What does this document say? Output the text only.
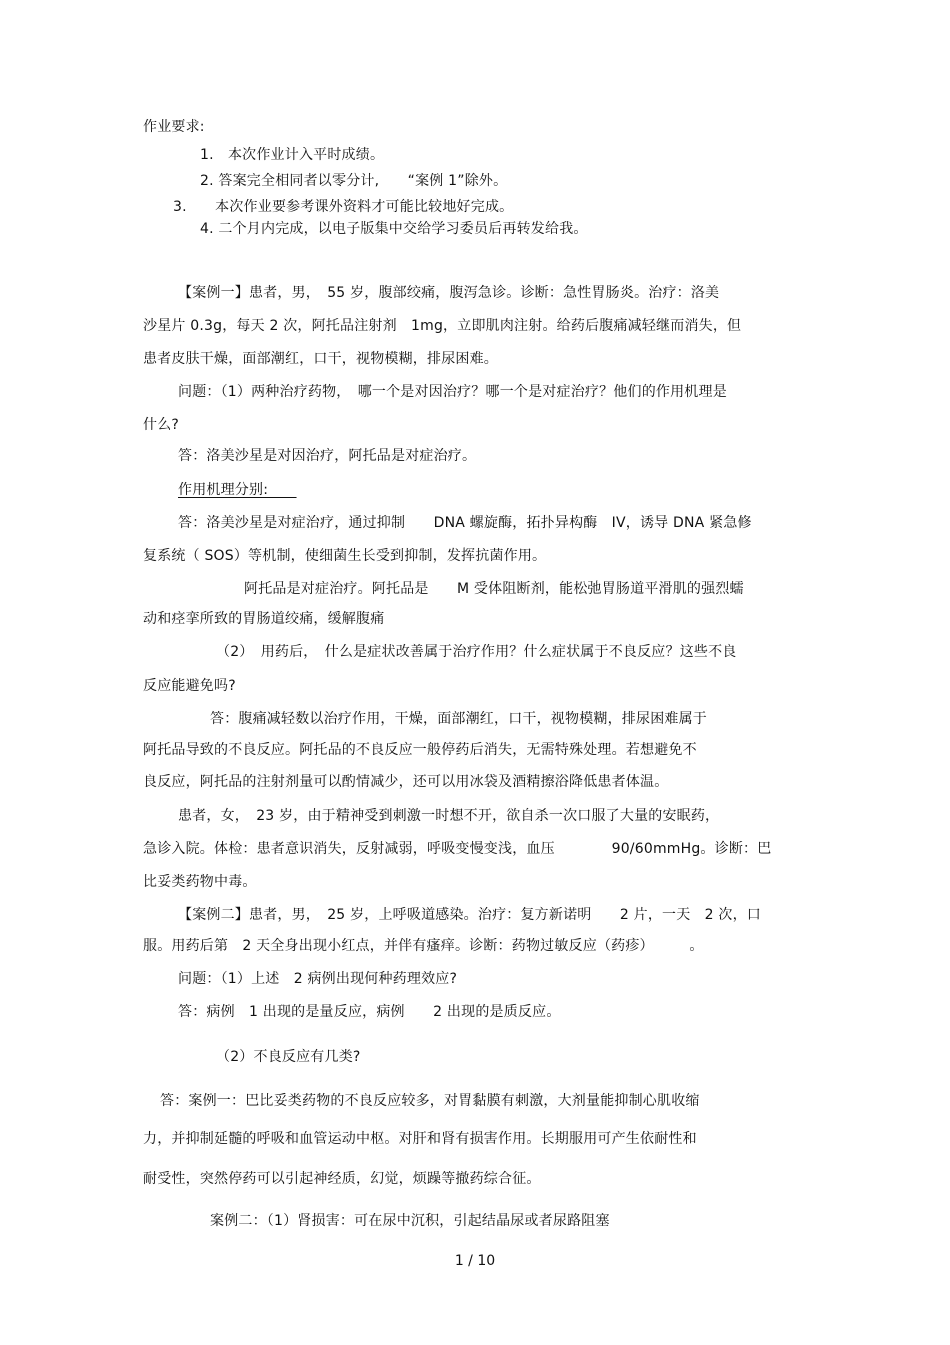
作业要求:
1.　本次作业计入平时成绩。
2. 答案完全相同者以零分计,　　“案例 1”除外。
3.　　本次作业要参考课外资料才可能比较地好完成。
4. 二个月内完成，以电子版集中交给学习委员后再转发给我。
【案例一】患者，男，　55 岁，腹部绞痛，腹泻急诊。诊断：急性胃肠炎。治疗：洛美
沙星片 0.3g，每天 2 次，阿托品注射剂　1mg，立即肌肉注射。给药后腹痛减轻继而消失，但
患者皮肤干燥，面部潮红，口干，视物模糊，排尿困难。
问题：（1）两种治疗药物，　哪一个是对因治疗？哪一个是对症治疗？他们的作用机理是
什么?
答：洛美沙星是对因治疗，阿托品是对症治疗。
作用机理分别:　　
答：洛美沙星是对症治疗，通过抑制　　DNA 螺旋酶，拓扑异构酶　IV，诱导 DNA 紧急修
复系统（ SOS）等机制，使细菌生长受到抑制，发挥抗菌作用。
阿托品是对症治疗。阿托品是　　M 受体阻断剂，能松弛胃肠道平滑肌的强烈蠕
动和痉挛所致的胃肠道绞痛，缓解腹痛
（2）　用药后，　什么是症状改善属于治疗作用？什么症状属于不良反应？这些不良
反应能避免吗?
答：腹痛减轻数以治疗作用，干燥，面部潮红，口干，视物模糊，排尿困难属于
阿托品导致的不良反应。阿托品的不良反应一般停药后消失，无需特殊处理。若想避免不
良反应，阿托品的注射剂量可以酌情减少，还可以用冰袋及酒精擦浴降低患者体温。
患者，女，　23 岁，由于精神受到刺激一时想不开，欲自杀一次口服了大量的安眠药，
急诊入院。体检：患者意识消失，反射减弱，呼吸变慢变浅，血压　　　　90/60mmHg。诊断：巴
比妥类药物中毒。
【案例二】患者，男，　25 岁，上呼吸道感染。治疗：复方新诺明　　2 片，一天　2 次，口
服。用药后第　2 天全身出现小红点，并伴有瘙痒。诊断：药物过敏反应（药疹）　　　。
问题：（1）上述　2 病例出现何种药理效应?
答：病例　1 出现的是量反应，病例　　2 出现的是质反应。
（2）不良反应有几类?
答：案例一：巴比妥类药物的不良反应较多，对胃黏膜有刺激，大剂量能抑制心肌收缩
力，并抑制延髓的呼吸和血管运动中枢。对肝和肾有损害作用。长期服用可产生依耐性和
耐受性，突然停药可以引起神经质，幻觉，烦躁等撤药综合征。
案例二：（1）肾损害：可在尿中沉积，引起结晶尿或者尿路阻塞
1 / 10
